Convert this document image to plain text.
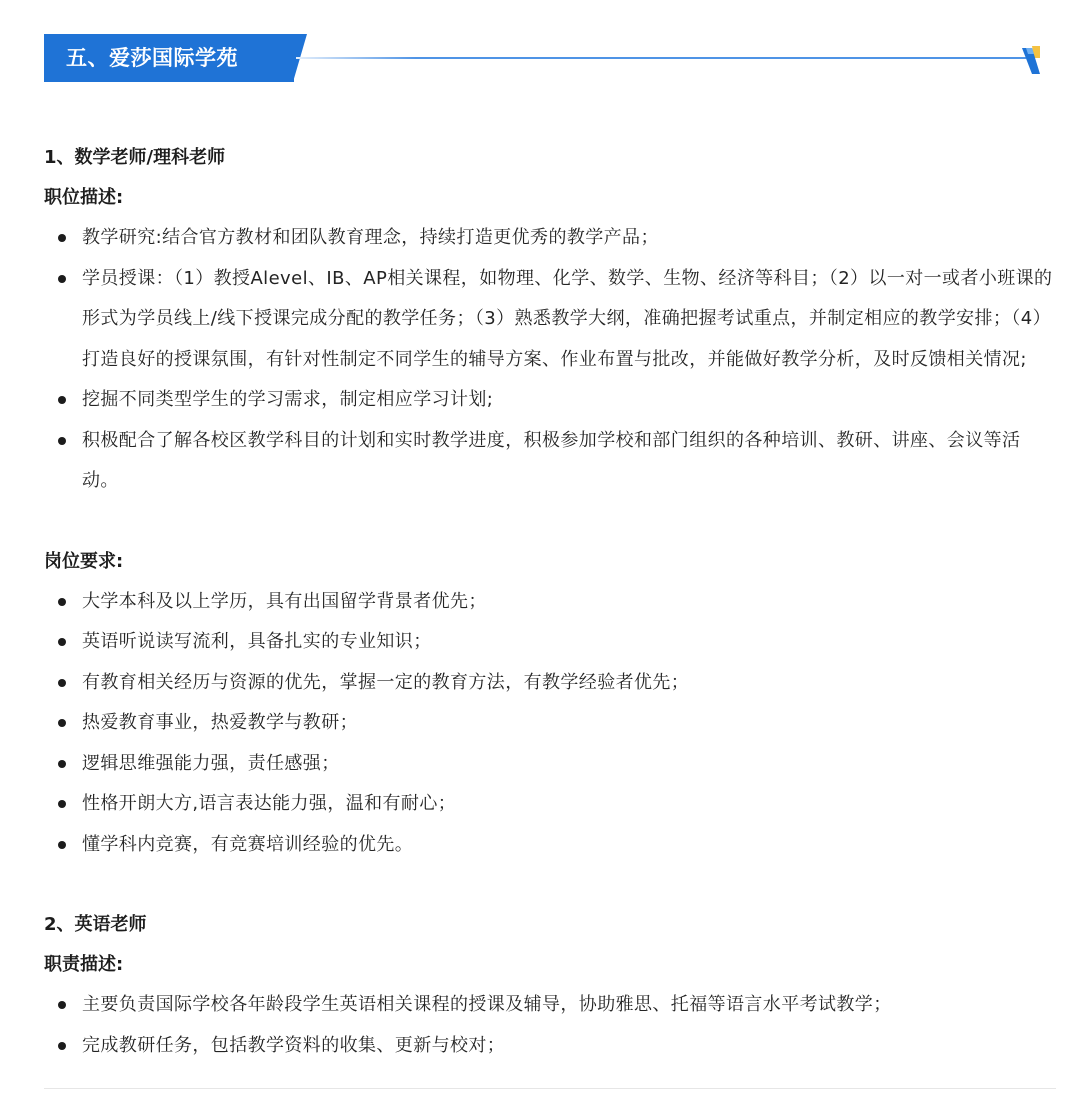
五、爱莎国际学苑

1、数学老师/理科老师

职位描述:

教学研究:结合官方教材和团队教育理念，持续打造更优秀的教学产品；
学员授课：（1）教授Alevel、IB、AP相关课程，如物理、化学、数学、生物、经济等科目；（2）以一对一或者小班课的形式为学员线上/线下授课完成分配的教学任务；（3）熟悉教学大纲，准确把握考试重点，并制定相应的教学安排；（4）打造良好的授课氛围，有针对性制定不同学生的辅导方案、作业布置与批改，并能做好教学分析，及时反馈相关情况;
挖掘不同类型学生的学习需求，制定相应学习计划;
积极配合了解各校区教学科目的计划和实时教学进度，积极参加学校和部门组织的各种培训、教研、讲座、会议等活动。

岗位要求:

大学本科及以上学历，具有出国留学背景者优先；
英语听说读写流利，具备扎实的专业知识；
有教育相关经历与资源的优先，掌握一定的教育方法，有教学经验者优先；
热爱教育事业，热爱教学与教研；
逻辑思维强能力强，责任感强；
性格开朗大方,语言表达能力强，温和有耐心；
懂学科内竞赛，有竞赛培训经验的优先。

2、英语老师

职责描述:

主要负责国际学校各年龄段学生英语相关课程的授课及辅导，协助雅思、托福等语言水平考试教学；
完成教研任务，包括教学资料的收集、更新与校对；
